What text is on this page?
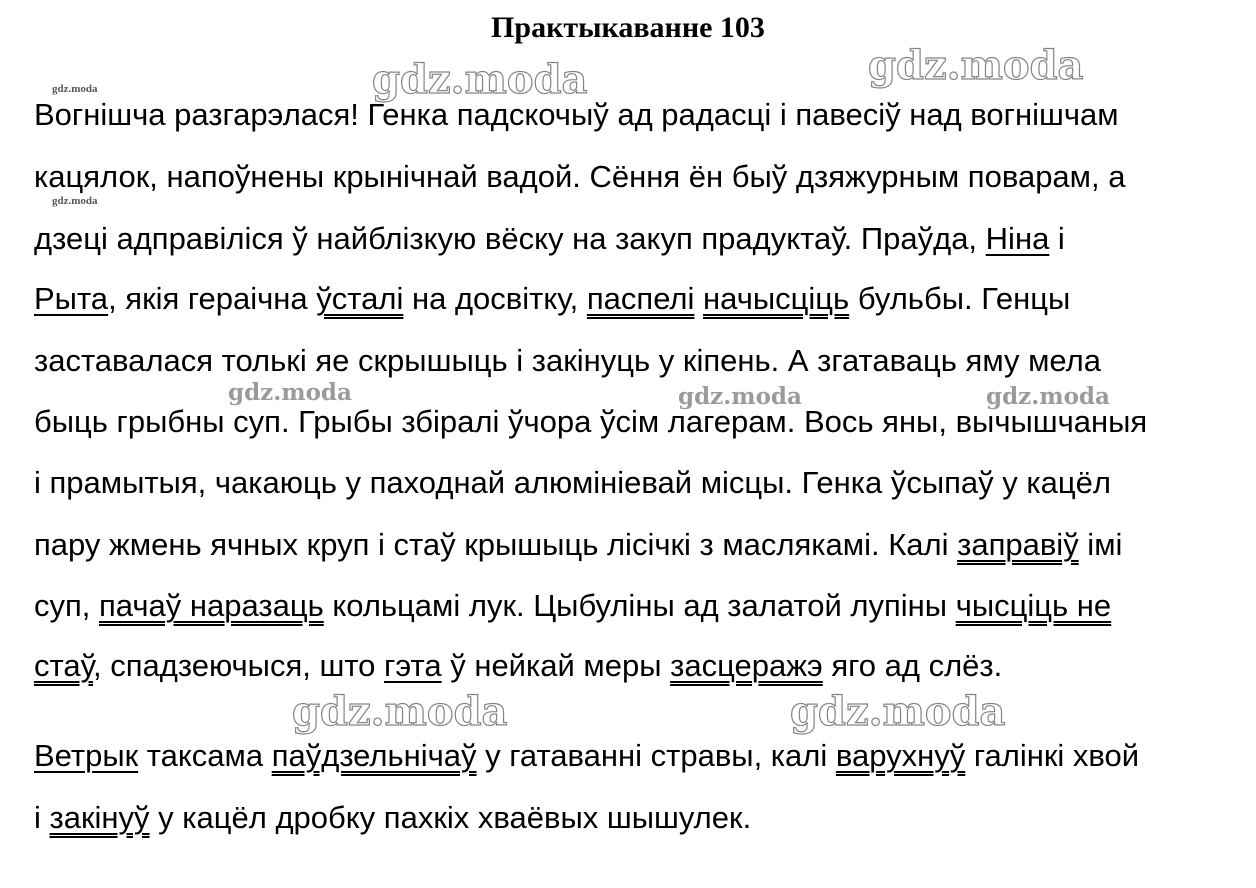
Практыкаванне 103
gdz.moda	gdz.moda
gdz.moda	gdz.moda
gdz.moda	gdz.moda	gdz.moda
gdz.moda
gdz.moda
Вогнішча разгарэлася! Генка падскочыў ад радасці і павесіў над вогнішчам
кацялок, напоўнены крынічнай вадой. Сёння ён быў дзяжурным поварам, а
дзеці адправіліся ў найблізкую вёску на закуп прадуктаў. Праўда, Ніна і
Рыта, якія гераічна ўсталі на досвітку, паспелі начысціць бульбы. Генцы
заставалася толькі яе скрышыць і закінуць у кіпень. А згатаваць яму мела
быць грыбны суп. Грыбы збіралі ўчора ўсім лагерам. Вось яны, вычышчаныя
і прамытыя, чакаюць у паходнай алюмініевай місцы. Генка ўсыпаў у кацёл
пару жмень ячных круп і стаў крышыць лісічкі з маслякамі. Калі заправіў імі
суп, пачаў наразаць кольцамі лук. Цыбуліны ад залатой лупіны чысціць не
стаў, спадзеючыся, што гэта ў нейкай меры засцеражэ яго ад слёз.
Ветрык таксама паўдзельнічаў у гатаванні стравы, калі варухнуў галінкі хвой
і закінуў у кацёл дробку пахкіх хваёвых шышулек.
